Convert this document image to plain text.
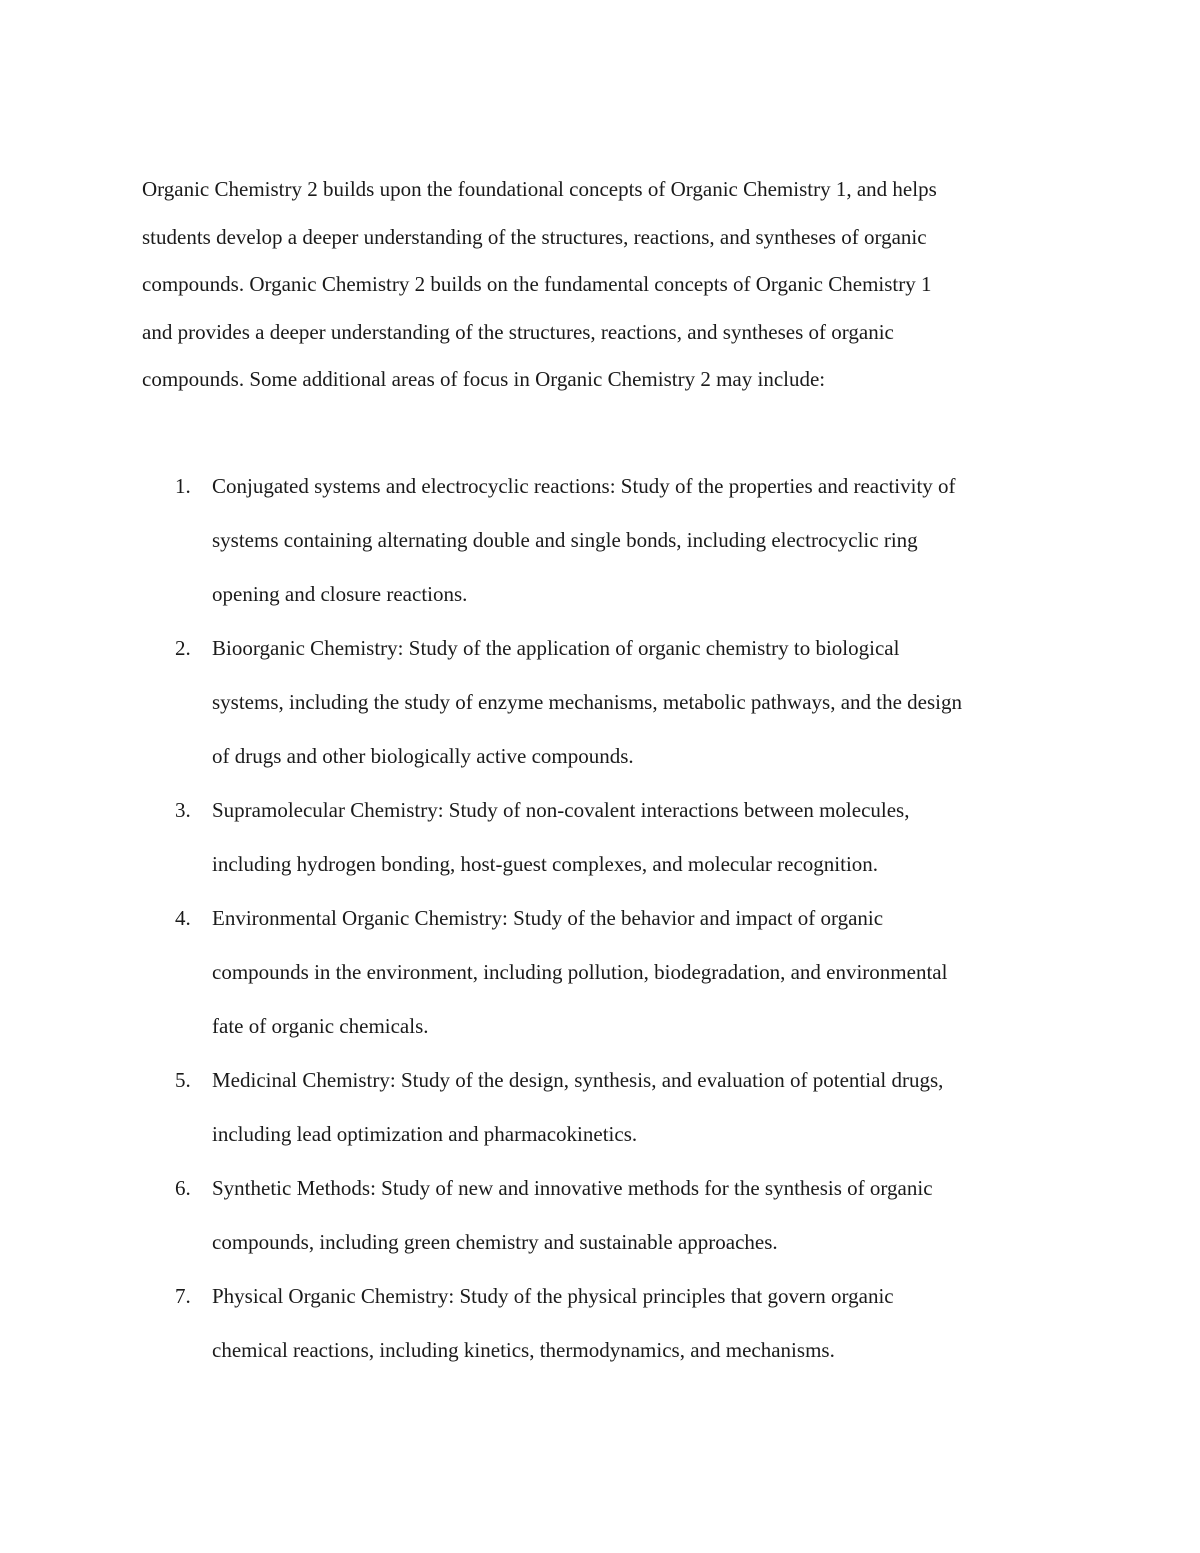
Organic Chemistry 2 builds upon the foundational concepts of Organic Chemistry 1, and helps
students develop a deeper understanding of the structures, reactions, and syntheses of organic
compounds. Organic Chemistry 2 builds on the fundamental concepts of Organic Chemistry 1
and provides a deeper understanding of the structures, reactions, and syntheses of organic
compounds. Some additional areas of focus in Organic Chemistry 2 may include:

1. Conjugated systems and electrocyclic reactions: Study of the properties and reactivity of
systems containing alternating double and single bonds, including electrocyclic ring
opening and closure reactions.
2. Bioorganic Chemistry: Study of the application of organic chemistry to biological
systems, including the study of enzyme mechanisms, metabolic pathways, and the design
of drugs and other biologically active compounds.
3. Supramolecular Chemistry: Study of non-covalent interactions between molecules,
including hydrogen bonding, host-guest complexes, and molecular recognition.
4. Environmental Organic Chemistry: Study of the behavior and impact of organic
compounds in the environment, including pollution, biodegradation, and environmental
fate of organic chemicals.
5. Medicinal Chemistry: Study of the design, synthesis, and evaluation of potential drugs,
including lead optimization and pharmacokinetics.
6. Synthetic Methods: Study of new and innovative methods for the synthesis of organic
compounds, including green chemistry and sustainable approaches.
7. Physical Organic Chemistry: Study of the physical principles that govern organic
chemical reactions, including kinetics, thermodynamics, and mechanisms.
